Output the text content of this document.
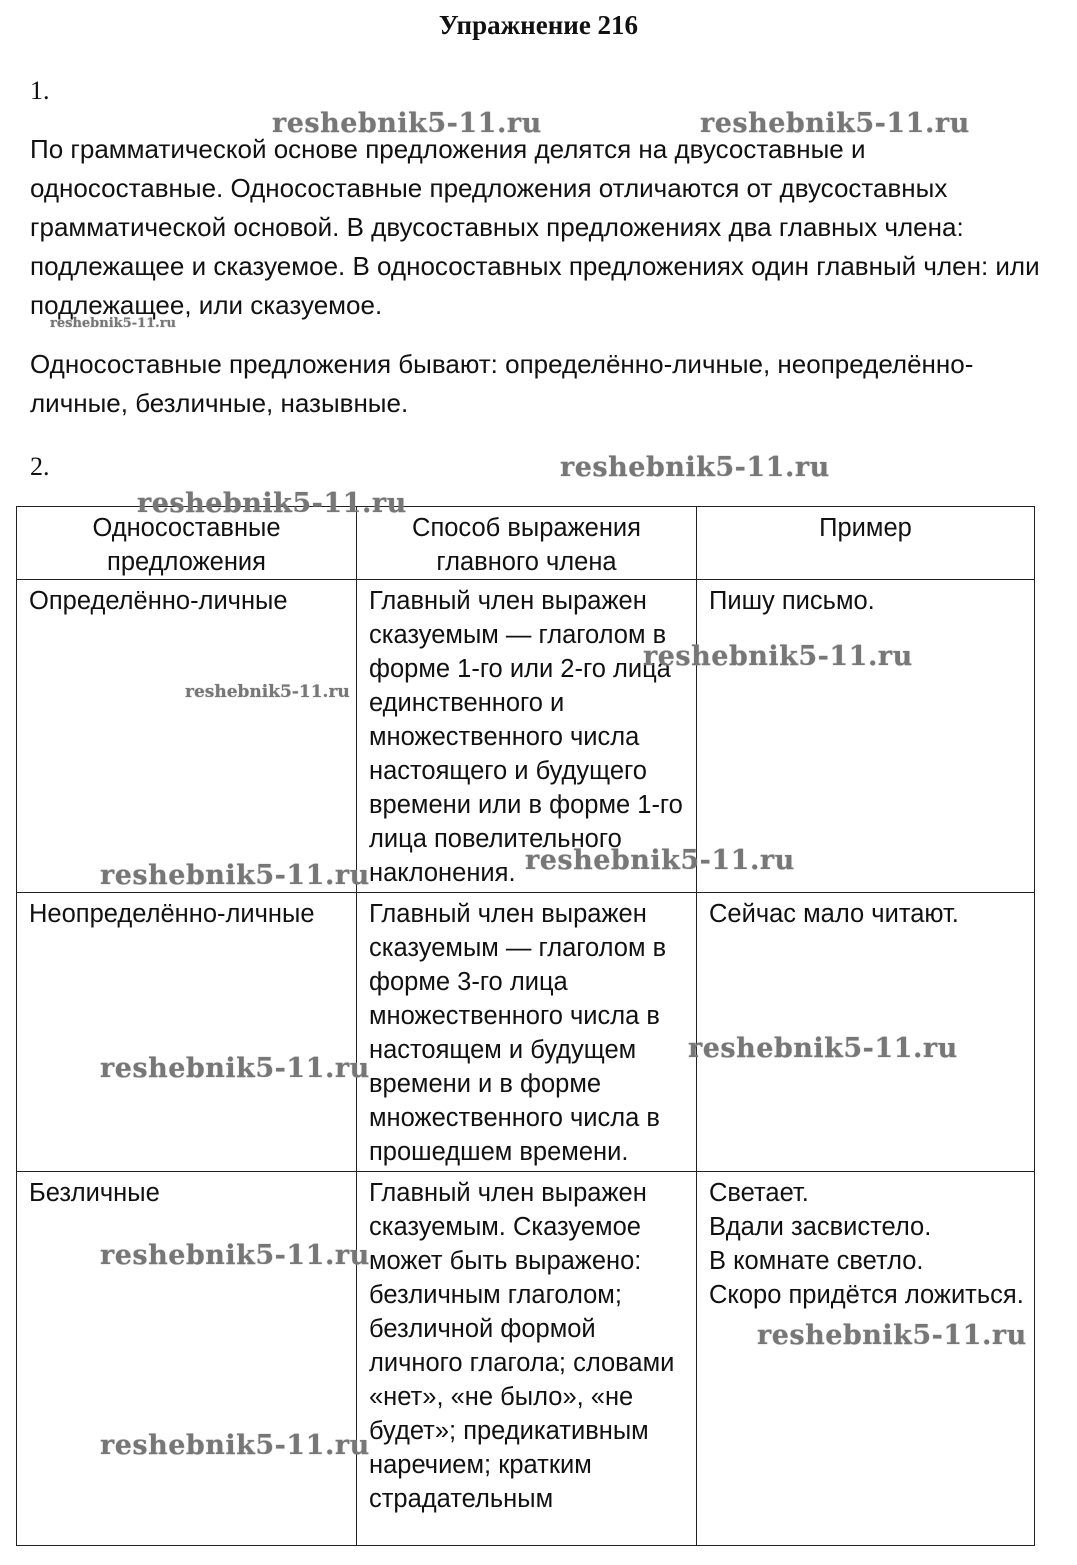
Упражнение 216
1.

По грамматической основе предложения делятся на двусоставные и односоставные. Односоставные предложения отличаются от двусоставных грамматической основой. В двусоставных предложениях два главных члена: подлежащее и сказуемое. В односоставных предложениях один главный член: или подлежащее, или сказуемое.

Односоставные предложения бывают: определённо-личные, неопределённо-личные, безличные, назывные.

2.
Односоставные предложения	Способ выражения главного члена	Пример
Определённо-личные	Главный член выражен сказуемым — глаголом в форме 1-го или 2-го лица единственного и множественного числа настоящего и будущего времени или в форме 1-го лица повелительного наклонения.	Пишу письмо.

Неопределённо-личные	Главный член выражен сказуемым — глаголом в форме 3-го лица множественного числа в настоящем и будущем времени и в форме множественного числа в прошедшем времени.	Сейчас мало читают.

Безличные	Главный член выражен сказуемым. Сказуемое может быть выражено: безличным глаголом; безличной формой личного глагола; словами «нет», «не было», «не будет»; предикативным наречием; кратким страдательным	Светает.
Вдали засвистело.
В комнате светло.
Скоро придётся ложиться.
reshebnik5-11.ru	reshebnik5-11.ru
reshebnik5-11.ru
reshebnik5-11.ru
reshebnik5-11.ru
reshebnik5-11.ru
reshebnik5-11.ru
reshebnik5-11.ru
reshebnik5-11.ru
reshebnik5-11.ru
reshebnik5-11.ru
reshebnik5-11.ru
reshebnik5-11.ru
reshebnik5-11.ru
